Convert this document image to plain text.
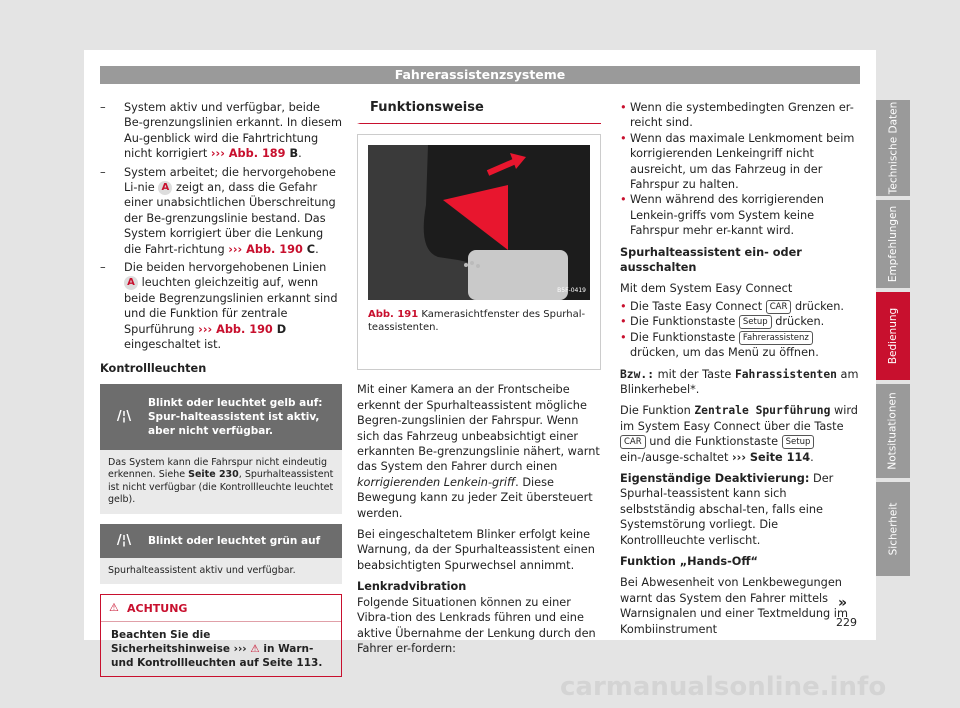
Fahrerassistenzsysteme
–	System aktiv und verfügbar, beide Be-grenzungslinien erkannt. In diesem Au-genblick wird die Fahrtrichtung nicht korrigiert ››› Abb. 189 B.
–	System arbeitet; die hervorgehobene Li-nie A zeigt an, dass die Gefahr einer unabsichtlichen Überschreitung der Be-grenzungslinie bestand. Das System korrigiert über die Lenkung die Fahrt-richtung ››› Abb. 190 C.
–	Die beiden hervorgehobenen Linien A leuchten gleichzeitig auf, wenn beide Begrenzungslinien erkannt sind und die Funktion für zentrale Spurführung ››› Abb. 190 D eingeschaltet ist.

Kontrollleuchten

/¦\
Blinkt oder leuchtet gelb auf: Spur-halteassistent ist aktiv, aber nicht verfügbar.
Das System kann die Fahrspur nicht eindeutig erkennen. Siehe Seite 230, Spurhalteassistent ist nicht verfügbar (die Kontrollleuchte leuchtet gelb).
/¦\	Blinkt oder leuchtet grün auf
Spurhalteassistent aktiv und verfügbar.
⚠ ACHTUNG
Beachten Sie die Sicherheitshinweise ››› ⚠ in Warn- und Kontrollleuchten auf Seite 113.
Funktionsweise
B5F-0419
Abb. 191 Kamerasichtfenster des Spurhal-teassistenten.

Mit einer Kamera an der Frontscheibe erkennt der Spurhalteassistent mögliche Begren-zungslinien der Fahrspur. Wenn sich das Fahrzeug unbeabsichtigt einer erkannten Be-grenzungslinie nähert, warnt das System den Fahrer durch einen korrigierenden Lenkein-griff. Diese Bewegung kann zu jeder Zeit übersteuert werden.

Bei eingeschaltetem Blinker erfolgt keine Warnung, da der Spurhalteassistent einen beabsichtigten Spurwechsel annimmt.

Lenkradvibration

Folgende Situationen können zu einer Vibra-tion des Lenkrads führen und eine aktive Übernahme der Lenkung durch den Fahrer er-fordern:

• Wenn die systembedingten Grenzen er-reicht sind.
• Wenn das maximale Lenkmoment beim korrigierenden Lenkeingriff nicht ausreicht, um das Fahrzeug in der Fahrspur zu halten.
• Wenn während des korrigierenden Lenkein-griffs vom System keine Fahrspur mehr er-kannt wird.

Spurhalteassistent ein- oder ausschalten

Mit dem System Easy Connect

• Die Taste Easy Connect CAR drücken.
• Die Funktionstaste Setup drücken.
• Die Funktionstaste Fahrerassistenz drücken, um das Menü zu öffnen.

Bzw.: mit der Taste Fahrassistenten am Blinkerhebel*.

Die Funktion Zentrale Spurführung wird im System Easy Connect über die Taste CAR und die Funktionstaste Setup ein-/ausge-schaltet ››› Seite 114.

Eigenständige Deaktivierung: Der Spurhal-teassistent kann sich selbstständig abschal-ten, falls eine Systemstörung vorliegt. Die Kontrollleuchte verlischt.

Funktion „Hands-Off“

Bei Abwesenheit von Lenkbewegungen warnt das System den Fahrer mittels Warnsignalen und einer Textmeldung im Kombiinstrument

»
Technische Daten
Empfehlungen
Bedienung
Notsituationen
Sicherheit
229
carmanualsonline.info
